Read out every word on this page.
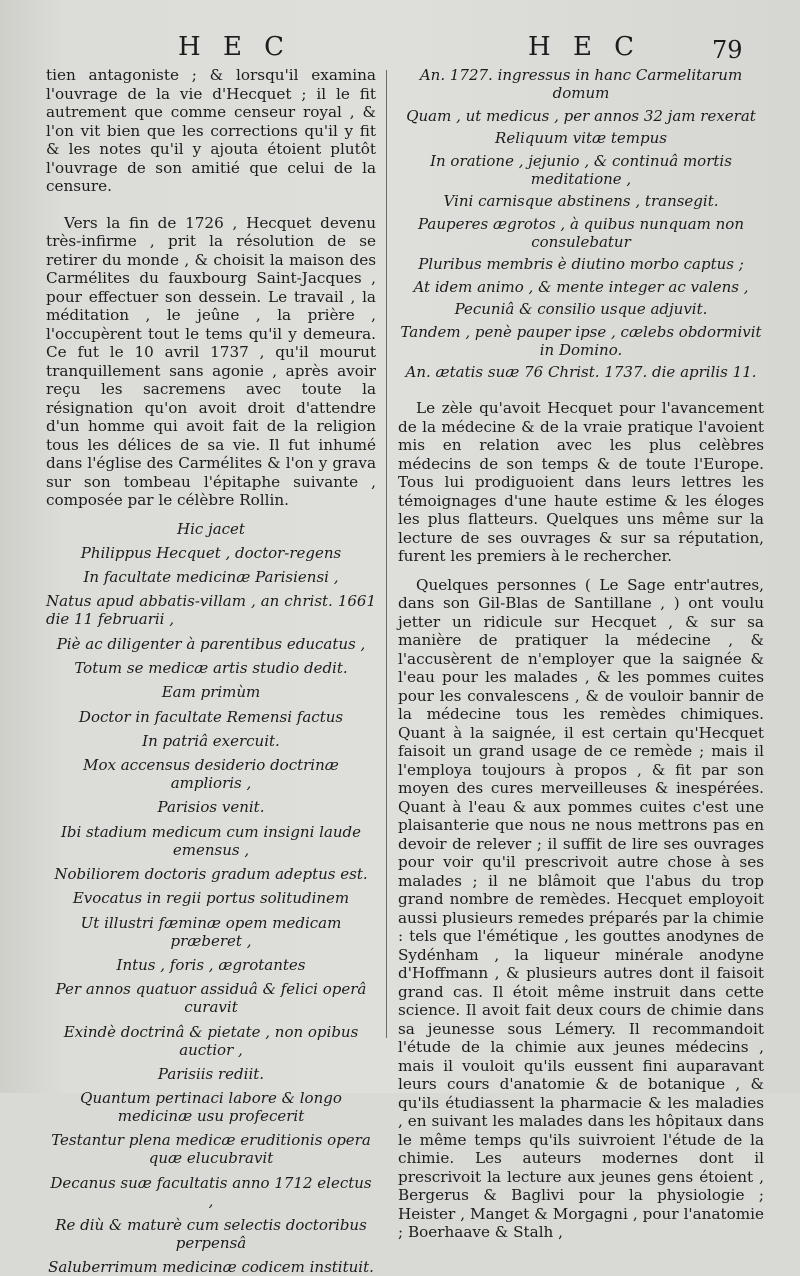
H E C	H E C	79

tien antagoniste ; & lorsqu'il examina l'ouvrage de la vie d'Hecquet ; il le fit autrement que comme censeur royal , & l'on vit bien que les corrections qu'il y fit & les notes qu'il y ajouta étoient plutôt l'ouvrage de son amitié que celui de la censure.

Vers la fin de 1726 , Hecquet devenu très-infirme , prit la résolution de se retirer du monde , & choisit la maison des Carmélites du fauxbourg Saint-Jacques , pour effectuer son dessein. Le travail , la méditation , le jeûne , la prière , l'occupèrent tout le tems qu'il y demeura. Ce fut le 10 avril 1737 , qu'il mourut tranquillement sans agonie , après avoir reçu les sacremens avec toute la résignation qu'on avoit droit d'attendre d'un homme qui avoit fait de la religion tous les délices de sa vie. Il fut inhumé dans l'église des Carmélites & l'on y grava sur son tombeau l'épitaphe suivante , composée par le célèbre Rollin.

Hic jacet

Philippus Hecquet , doctor-regens

In facultate medicinæ Parisiensi ,

Natus apud abbatis-villam , an christ. 1661 die 11 februarii ,

Piè ac diligenter à parentibus educatus ,

Totum se medicæ artis studio dedit.

Eam primùm

Doctor in facultate Remensi factus

In patriâ exercuit.

Mox accensus desiderio doctrinæ amplioris ,

Parisios venit.

Ibi stadium medicum cum insigni laude emensus ,

Nobiliorem doctoris gradum adeptus est.

Evocatus in regii portus solitudinem

Ut illustri fæminæ opem medicam præberet ,

Intus , foris , ægrotantes

Per annos quatuor assiduâ & felici operâ curavit

Exindè doctrinâ & pietate , non opibus auctior ,

Parisiis rediit.

Quantum pertinaci labore & longo medicinæ usu profecerit

Testantur plena medicæ eruditionis opera quæ elucubravit

Decanus suæ facultatis anno 1712 electus ,

Re diù & maturè cum selectis doctoribus perpensâ

Saluberrimum medicinæ codicem instituit.

An. 1727. ingressus in hanc Carmelitarum domum

Quam , ut medicus , per annos 32 jam rexerat

Reliquum vitæ tempus

In oratione , jejunio , & continuâ mortis meditatione ,

Vini carnisque abstinens , transegit.

Pauperes ægrotos , à quibus nunquam non consulebatur

Pluribus membris è diutino morbo captus ;

At idem animo , & mente integer ac valens ,

Pecuniâ & consilio usque adjuvit.

Tandem , penè pauper ipse , cælebs obdormivit in Domino.

An. ætatis suæ 76 Christ. 1737. die aprilis 11.

Le zèle qu'avoit Hecquet pour l'avancement de la médecine & de la vraie pratique l'avoient mis en relation avec les plus celèbres médecins de son temps & de toute l'Europe. Tous lui prodiguoient dans leurs lettres les témoignages d'une haute estime & les éloges les plus flatteurs. Quelques uns même sur la lecture de ses ouvrages & sur sa réputation, furent les premiers à le rechercher.

Quelques personnes ( Le Sage entr'autres, dans son Gil-Blas de Santillane , ) ont voulu jetter un ridicule sur Hecquet , & sur sa manière de pratiquer la médecine , & l'accusèrent de n'employer que la saignée & l'eau pour les malades , & les pommes cuites pour les convalescens , & de vouloir bannir de la médecine tous les remèdes chimiques. Quant à la saignée, il est certain qu'Hecquet faisoit un grand usage de ce remède ; mais il l'employa toujours à propos , & fit par son moyen des cures merveilleuses & inespérées. Quant à l'eau & aux pommes cuites c'est une plaisanterie que nous ne nous mettrons pas en devoir de relever ; il suffit de lire ses ouvrages pour voir qu'il prescrivoit autre chose à ses malades ; il ne blâmoit que l'abus du trop grand nombre de remèdes. Hecquet employoit aussi plusieurs remedes préparés par la chimie : tels que l'émétique , les gouttes anodynes de Sydénham , la liqueur minérale anodyne d'Hoffmann , & plusieurs autres dont il faisoit grand cas. Il étoit même instruit dans cette science. Il avoit fait deux cours de chimie dans sa jeunesse sous Lémery. Il recommandoit l'étude de la chimie aux jeunes médecins , mais il vouloit qu'ils eussent fini auparavant leurs cours d'anatomie & de botanique , & qu'ils étudiassent la pharmacie & les maladies , en suivant les malades dans les hôpitaux dans le même temps qu'ils suivroient l'étude de la chimie. Les auteurs modernes dont il prescrivoit la lecture aux jeunes gens étoient , Bergerus & Baglivi pour la physiologie ; Heister , Manget & Morgagni , pour l'anatomie ; Boerhaave & Stalh ,
